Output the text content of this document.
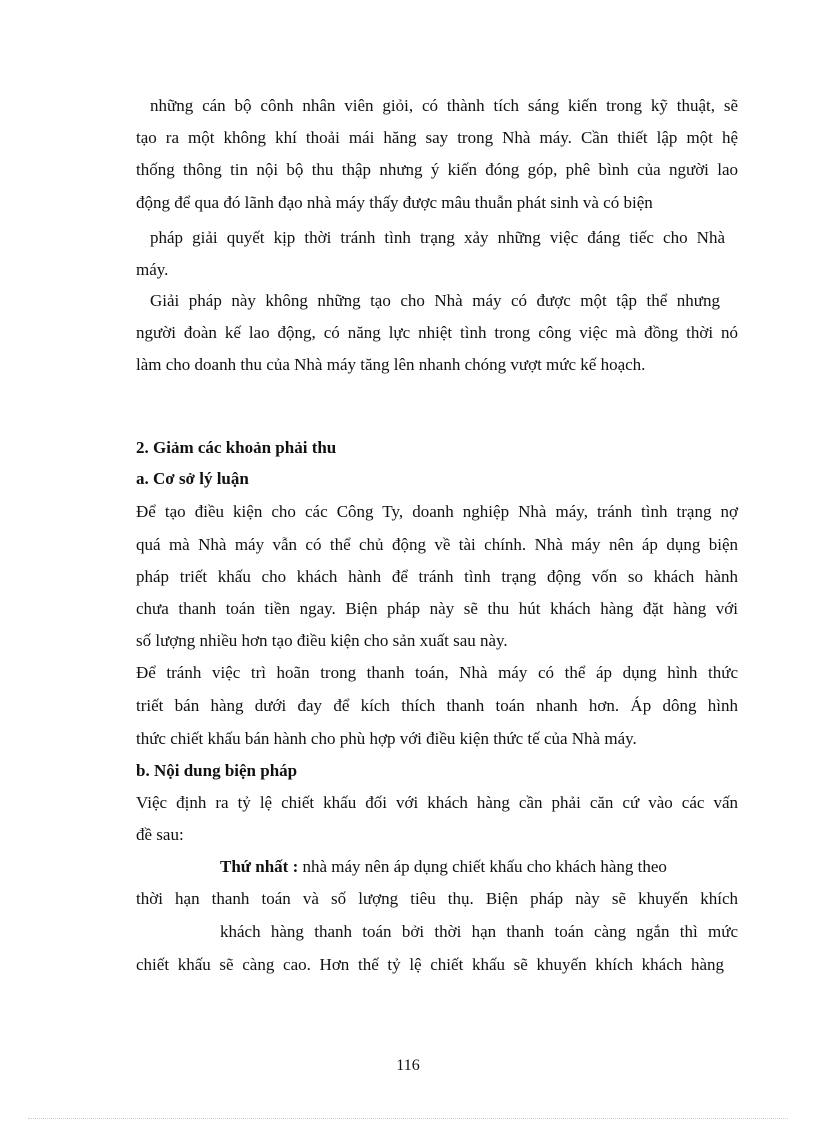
những cán bộ cônh nhân viên giỏi, có thành tích sáng kiến trong kỹ thuật, sẽ
tạo ra một không khí thoải mái hăng say trong Nhà máy. Cần thiết lập một hệ
thống thông tin nội bộ thu thập nhưng ý kiến đóng góp, phê bình của người lao
động để qua đó lãnh đạo nhà máy thấy được mâu thuẫn phát sinh và có biện
pháp giải quyết kịp thời tránh tình trạng xảy những việc đáng tiếc cho Nhà
máy.
Giải pháp này không những tạo cho Nhà máy có được một tập thể nhưng
người đoàn kế lao động, có năng lực nhiệt tình trong công việc mà đồng thời nó
làm cho doanh thu của Nhà máy tăng lên nhanh chóng vượt mức kế hoạch.
2. Giảm các khoản phải thu
a. Cơ sở lý luận
Để tạo điều kiện cho các Công Ty, doanh nghiệp Nhà máy, tránh tình trạng nợ
quá mà Nhà máy vẫn có thể chủ động về tài chính. Nhà máy nên áp dụng biện
pháp triết khấu cho khách hành để tránh tình trạng động vốn so khách hành
chưa thanh toán tiền ngay. Biện pháp này sẽ thu hút khách hàng đặt hàng với
số lượng nhiều hơn tạo điều kiện cho sản xuất sau này.
Để tránh việc trì hoãn trong thanh toán, Nhà máy có thể áp dụng hình thức
triết bán hàng dưới đay để kích thích thanh toán nhanh hơn. Áp dông hình
thức chiết khấu bán hành cho phù hợp với điều kiện thức tế của Nhà máy.
b. Nội dung biện pháp
Việc định ra tỷ lệ chiết khấu đối với khách hàng cần phải căn cứ vào các vấn
đề sau:
Thứ nhất : nhà máy nên áp dụng chiết khấu cho khách hàng theo
thời hạn thanh toán và số lượng tiêu thụ. Biện pháp này sẽ khuyến khích
khách hàng thanh toán bởi thời hạn thanh toán càng ngắn thì mức
chiết khấu sẽ càng cao. Hơn thế tỷ lệ chiết khấu sẽ khuyến khích khách hàng
116
